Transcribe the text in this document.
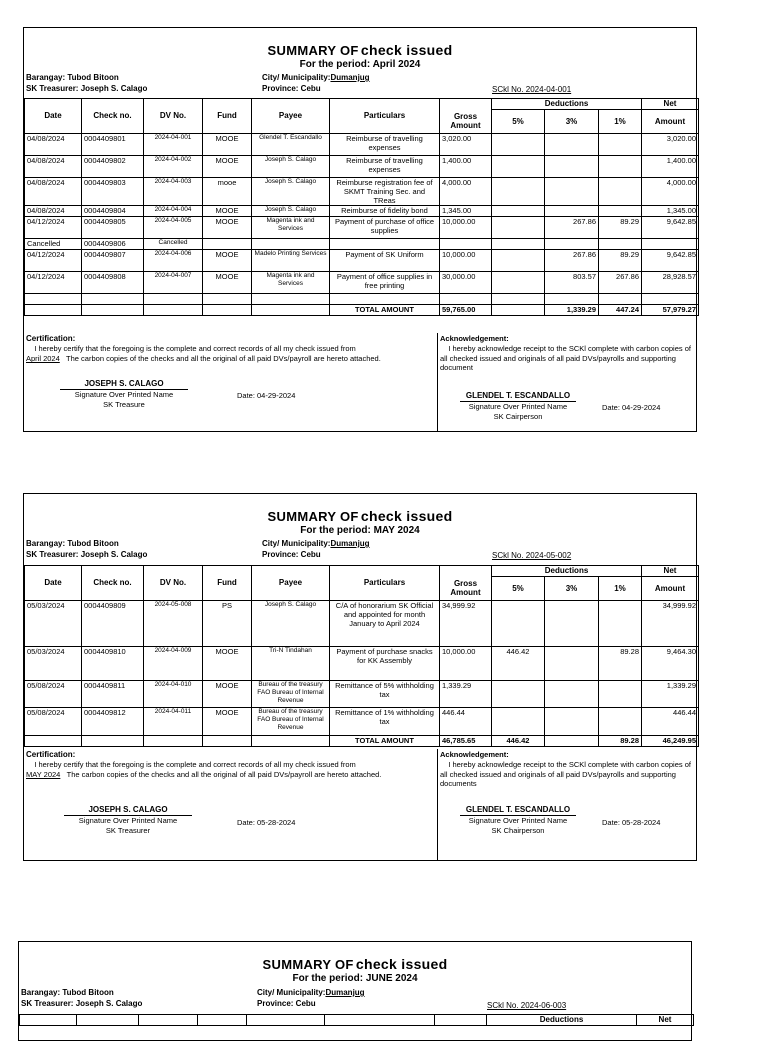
SUMMARY OF check issued
For the period: April 2024
Barangay: Tubod Bitoon
SK Treasurer: Joseph S. Calago
City/ Municipality:Dumanjug
Province: Cebu	SCkl No. 2024-04-001
Date	Check no.	DV No.	Fund	Payee	Particulars		Deductions			Net
						Gross Amount	5%	3%	1%	Amount
04/08/2024	0004409801	2024-04-001	MOOE	Glendel T. Escandallo	Reimburse of travelling expenses	3,020.00				3,020.00
04/08/2024	0004409802	2024-04-002	MOOE	Joseph S. Calago	Reimburse of travelling expenses	1,400.00				1,400.00
04/08/2024	0004409803	2024-04-003	mooe	Joseph S. Calago	Reimburse registration fee of SKMT Training Sec. and TReas	4,000.00				4,000.00
04/08/2024	0004409804	2024-04-004	MOOE	Joseph S. Calago	Reimburse of fidelity bond	1,345.00				1,345.00
04/12/2024	0004409805	2024-04-005	MOOE	Magenta ink and Services	Payment of purchase of office supplies	10,000.00		267.86	89.29	9,642.85
Cancelled	0004409806	Cancelled								
04/12/2024	0004409807	2024-04-006	MOOE	Madelo Printing Services	Payment of SK Uniform	10,000.00		267.86	89.29	9,642.85
04/12/2024	0004409808	2024-04-007	MOOE	Magenta ink and Services	Payment of office supplies in free printing	30,000.00		803.57	267.86	28,928.57

					TOTAL AMOUNT	59,765.00		1,339.29	447.24	57,979.27
Certification:
I hereby certify that the foregoing is the complete and correct records of all my check issued from
April 2024 The carbon copies of the checks and all the original of all paid DVs/payroll are hereto attached.
Acknowledgement:
I hereby acknowledge receipt to the SCKl complete with carbon copies of all checked issued and originals of all paid DVs/payrolls and supporting document
JOSEPH S. CALAGO
Signature Over Printed Name
SK Treasure
Date: 04-29-2024	GLENDEL T. ESCANDALLO
Signature Over Printed Name
SK Cairperson
Date: 04-29-2024
SUMMARY OF check issued
For the period: MAY 2024
Barangay: Tubod Bitoon
SK Treasurer: Joseph S. Calago
City/ Municipality:Dumanjug
Province: Cebu	SCkl No. 2024-05-002
Date	Check no.	DV No.	Fund	Payee	Particulars		Deductions			Net
						Gross Amount	5%	3%	1%	Amount
05/03/2024	0004409809	2024-05-008	PS	Joseph S. Calago	C/A of honorarium SK Official and appointed for month January to April 2024	34,999.92				34,999.92
05/03/2024	0004409810	2024-04-009	MOOE	Tri-N Tindahan	Payment of purchase snacks for KK Assembly	10,000.00	446.42		89.28	9,464.30
05/08/2024	0004409811	2024-04-010	MOOE	Bureau of the treasury FAO Bureau of Internal Revenue	Remittance of 5% withholding tax	1,339.29				1,339.29
05/08/2024	0004409812	2024-04-011	MOOE	Bureau of the treasury FAO Bureau of Internal Revenue	Remittance of 1% withholding tax	446.44				446.44
					TOTAL AMOUNT	46,785.65	446.42		89.28	46,249.95
Certification:
I hereby certify that the foregoing is the complete and correct records of all my check issued from
MAY 2024 The carbon copies of the checks and all the original of all paid DVs/payroll are hereto attached.
Acknowledgement:
I hereby acknowledge receipt to the SCKl complete with carbon copies of all checked issued and originals of all paid DVs/payrolls and supporting documents
JOSEPH S. CALAGO
Signature Over Printed Name
SK Treasurer
Date: 05-28-2024
GLENDEL T. ESCANDALLO
Signature Over Printed Name
SK Chairperson
Date: 05-28-2024
SUMMARY OF check issued
For the period: JUNE 2024
Barangay: Tubod Bitoon
SK Treasurer: Joseph S. Calago
City/ Municipality:Dumanjug
Province: Cebu	SCkl No. 2024-06-003
							Deductions	Net
